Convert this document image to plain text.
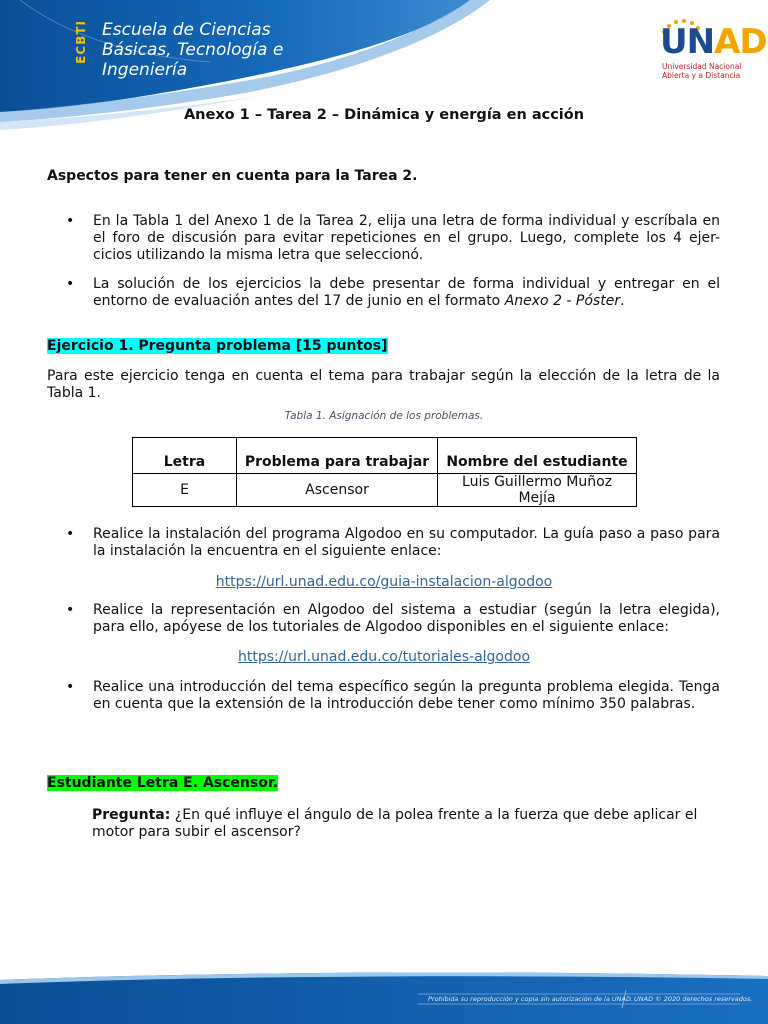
ECBTI Escuela de Ciencias
Básicas, Tecnología e
Ingeniería
UNAD
Universidad Nacional
Abierta y a Distancia
Anexo 1 – Tarea 2 – Dinámica y energía en acción
Aspectos para tener en cuenta para la Tarea 2.
• En la Tabla 1 del Anexo 1 de la Tarea 2, elija una letra de forma individual y escríbala en el foro de discusión para evitar repeticiones en el grupo. Luego, complete los 4 ejer-cicios utilizando la misma letra que seleccionó.
• La solución de los ejercicios la debe presentar de forma individual y entregar en el entorno de evaluación antes del 17 de junio en el formato Anexo 2 - Póster.
Ejercicio 1. Pregunta problema [15 puntos]
Para este ejercicio tenga en cuenta el tema para trabajar según la elección de la letra de la Tabla 1.
Tabla 1. Asignación de los problemas.
Letra	Problema para trabajar	Nombre del estudiante
E	Ascensor	Luis Guillermo Muñoz Mejía
• Realice la instalación del programa Algodoo en su computador. La guía paso a paso para la instalación la encuentra en el siguiente enlace:
https://url.unad.edu.co/guia-instalacion-algodoo
• Realice la representación en Algodoo del sistema a estudiar (según la letra elegida), para ello, apóyese de los tutoriales de Algodoo disponibles en el siguiente enlace:
https://url.unad.edu.co/tutoriales-algodoo
• Realice una introducción del tema específico según la pregunta problema elegida. Tenga en cuenta que la extensión de la introducción debe tener como mínimo 350 palabras.
Estudiante Letra E. Ascensor.
Pregunta: ¿En qué influye el ángulo de la polea frente a la fuerza que debe aplicar el motor para subir el ascensor?
Prohibida su reproducción y copia sin autorización de la UNAD. UNAD © 2020 derechos reservados.
